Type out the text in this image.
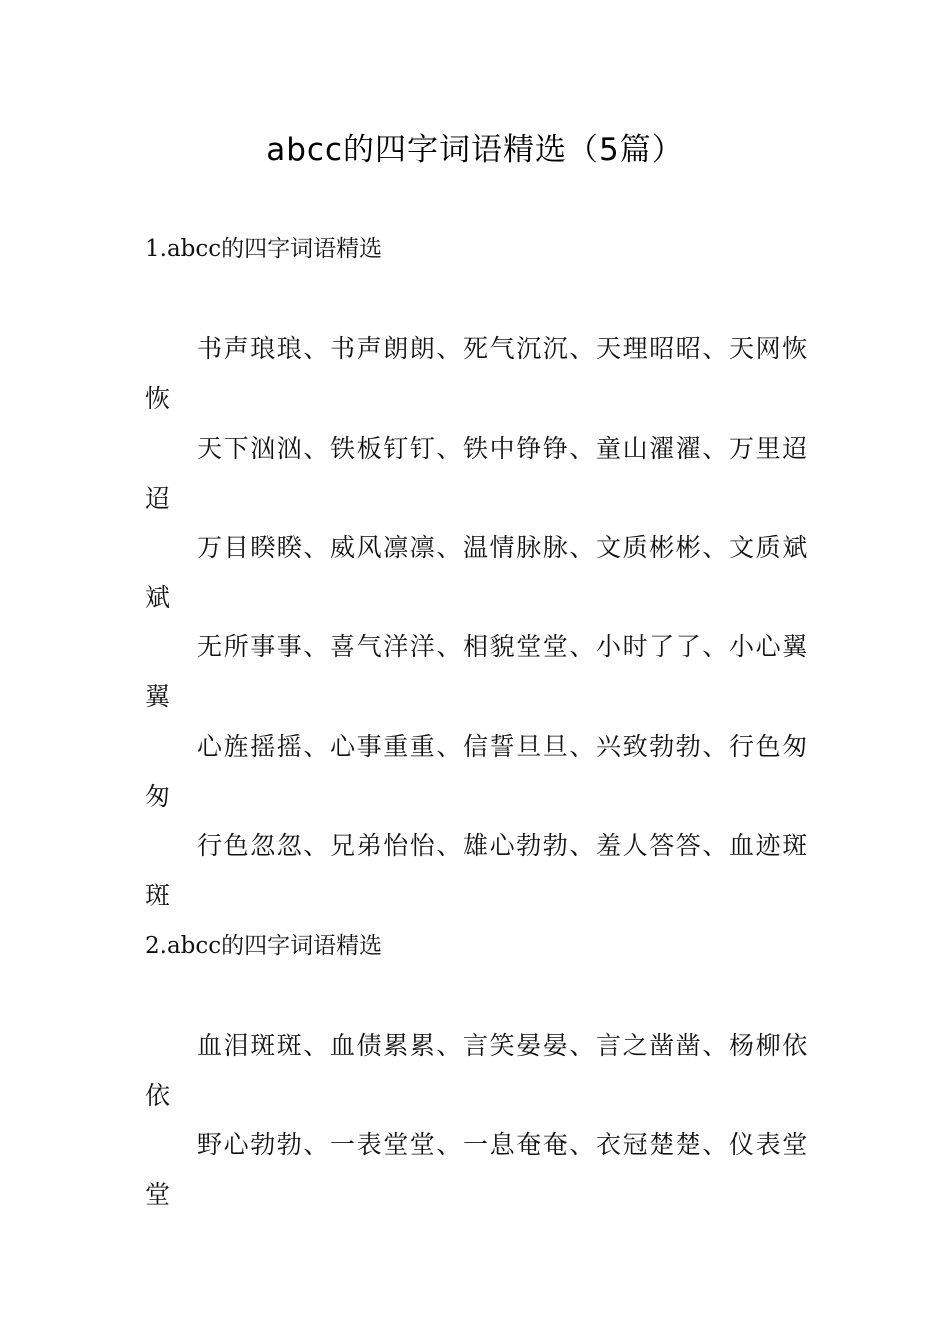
abcc的四字词语精选（5篇）
1.abcc的四字词语精选

书声琅琅、书声朗朗、死气沉沉、天理昭昭、天网恢恢

天下汹汹、铁板钉钉、铁中铮铮、童山濯濯、万里迢迢

万目睽睽、威风凛凛、温情脉脉、文质彬彬、文质斌斌

无所事事、喜气洋洋、相貌堂堂、小时了了、小心翼翼

心旌摇摇、心事重重、信誓旦旦、兴致勃勃、行色匆匆

行色忽忽、兄弟怡怡、雄心勃勃、羞人答答、血迹斑斑

2.abcc的四字词语精选

血泪斑斑、血债累累、言笑晏晏、言之凿凿、杨柳依依

野心勃勃、一表堂堂、一息奄奄、衣冠楚楚、仪表堂堂
